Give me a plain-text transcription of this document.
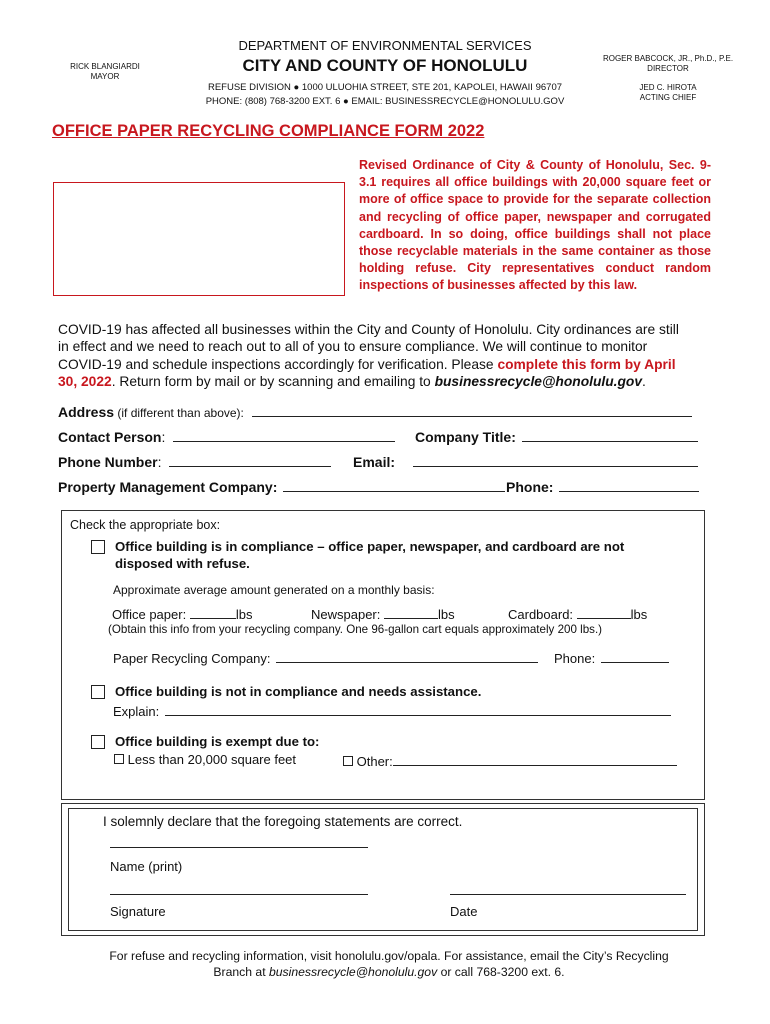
RICK BLANGIARDI
MAYOR
DEPARTMENT OF ENVIRONMENTAL SERVICES
CITY AND COUNTY OF HONOLULU
REFUSE DIVISION ● 1000 ULUOHIA STREET, STE 201, KAPOLEI, HAWAII 96707
PHONE: (808) 768-3200 EXT. 6 ● EMAIL: BUSINESSRECYCLE@HONOLULU.GOV
ROGER BABCOCK, JR., Ph.D., P.E.
DIRECTOR
JED C. HIROTA
ACTING CHIEF
OFFICE PAPER RECYCLING COMPLIANCE FORM 2022
Revised Ordinance of City & County of Honolulu, Sec. 9-3.1 requires all office buildings with 20,000 square feet or more of office space to provide for the separate collection and recycling of office paper, newspaper and corrugated cardboard. In so doing, office buildings shall not place those recyclable materials in the same container as those holding refuse. City representatives conduct random inspections of businesses affected by this law.
COVID-19 has affected all businesses within the City and County of Honolulu. City ordinances are still in effect and we need to reach out to all of you to ensure compliance. We will continue to monitor COVID-19 and schedule inspections accordingly for verification. Please complete this form by April 30, 2022. Return form by mail or by scanning and emailing to businessrecycle@honolulu.gov.
Address (if different than above):
Contact Person:	Company Title:
Phone Number:	Email:
Property Management Company:	Phone:
Check the appropriate box:
Office building is in compliance – office paper, newspaper, and cardboard are not disposed with refuse.
Approximate average amount generated on a monthly basis:
Office paper:	lbs	Newspaper:	lbs	Cardboard:	lbs
(Obtain this info from your recycling company. One 96-gallon cart equals approximately 200 lbs.)
Paper Recycling Company:	Phone:
Office building is not in compliance and needs assistance.
Explain:
Office building is exempt due to:
Less than 20,000 square feet	Other:
I solemnly declare that the foregoing statements are correct.
Name (print)
Signature	Date
For refuse and recycling information, visit honolulu.gov/opala. For assistance, email the City’s Recycling
Branch at businessrecycle@honolulu.gov or call 768-3200 ext. 6.
